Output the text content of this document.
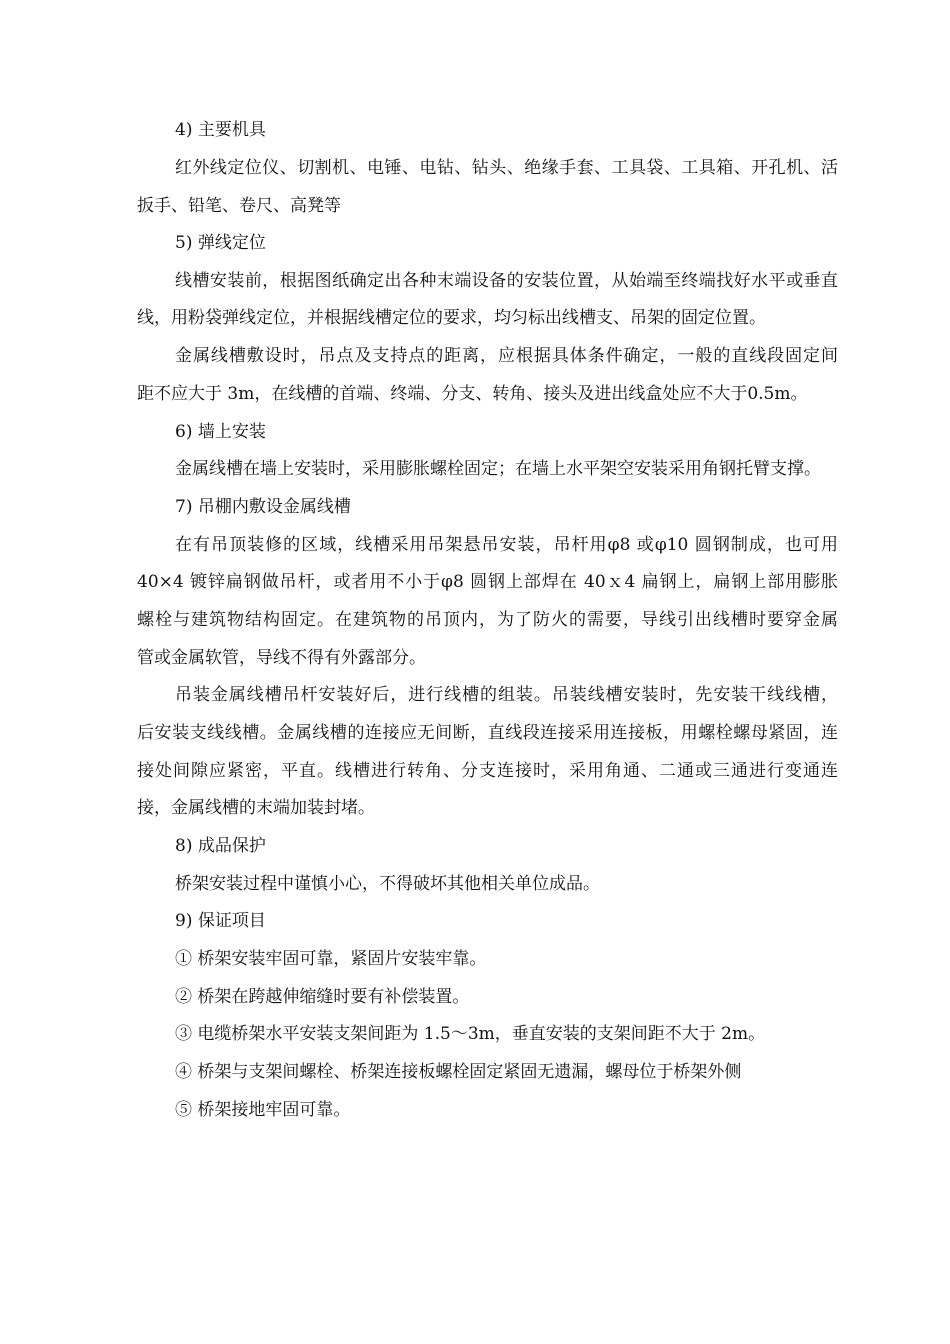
4) 主要机具
红外线定位仪、切割机、电锤、电钻、钻头、绝缘手套、工具袋、工具箱、开孔机、活
扳手、铅笔、卷尺、高凳等
5) 弹线定位
线槽安装前，根据图纸确定出各种末端设备的安装位置，从始端至终端找好水平或垂直
线，用粉袋弹线定位，并根据线槽定位的要求，均匀标出线槽支、吊架的固定位置。
金属线槽敷设时，吊点及支持点的距离，应根据具体条件确定，一般的直线段固定间
距不应大于 3m，在线槽的首端、终端、分支、转角、接头及进出线盒处应不大于0.5m。
6) 墙上安装
金属线槽在墙上安装时，采用膨胀螺栓固定；在墙上水平架空安装采用角钢托臂支撑。
7) 吊棚内敷设金属线槽
在有吊顶装修的区域，线槽采用吊架悬吊安装，吊杆用φ8 或φ10 圆钢制成，也可用
40×4 镀锌扁钢做吊杆，或者用不小于φ8 圆钢上部焊在 40ｘ4 扁钢上，扁钢上部用膨胀
螺栓与建筑物结构固定。在建筑物的吊顶内，为了防火的需要，导线引出线槽时要穿金属
管或金属软管，导线不得有外露部分。
吊装金属线槽吊杆安装好后，进行线槽的组装。吊装线槽安装时，先安装干线线槽，
后安装支线线槽。金属线槽的连接应无间断，直线段连接采用连接板，用螺栓螺母紧固，连
接处间隙应紧密，平直。线槽进行转角、分支连接时，采用角通、二通或三通进行变通连
接，金属线槽的末端加装封堵。
8) 成品保护
桥架安装过程中谨慎小心，不得破坏其他相关单位成品。
9) 保证项目
① 桥架安装牢固可靠，紧固片安装牢靠。
② 桥架在跨越伸缩缝时要有补偿装置。
③ 电缆桥架水平安装支架间距为 1.5～3m，垂直安装的支架间距不大于 2m。
④ 桥架与支架间螺栓、桥架连接板螺栓固定紧固无遗漏，螺母位于桥架外侧
⑤ 桥架接地牢固可靠。
